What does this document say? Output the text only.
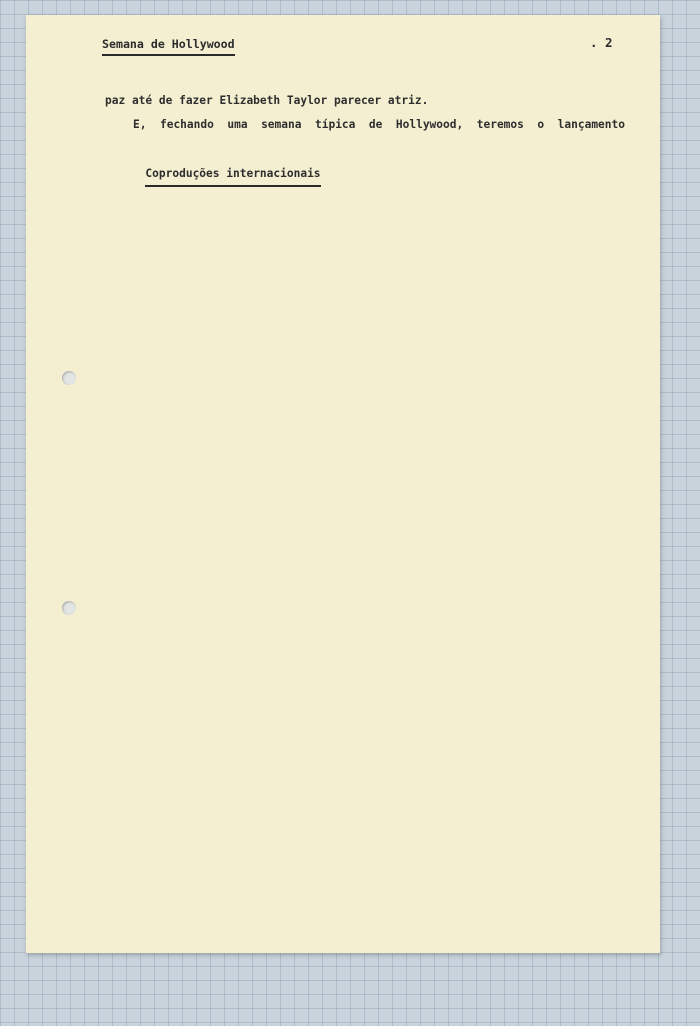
Semana de Hollywood	. 2
paz até de fazer Elizabeth Taylor parecer atriz.
E, fechando uma semana típica de Hollywood, teremos o lançamento

Coproduções internacionais
